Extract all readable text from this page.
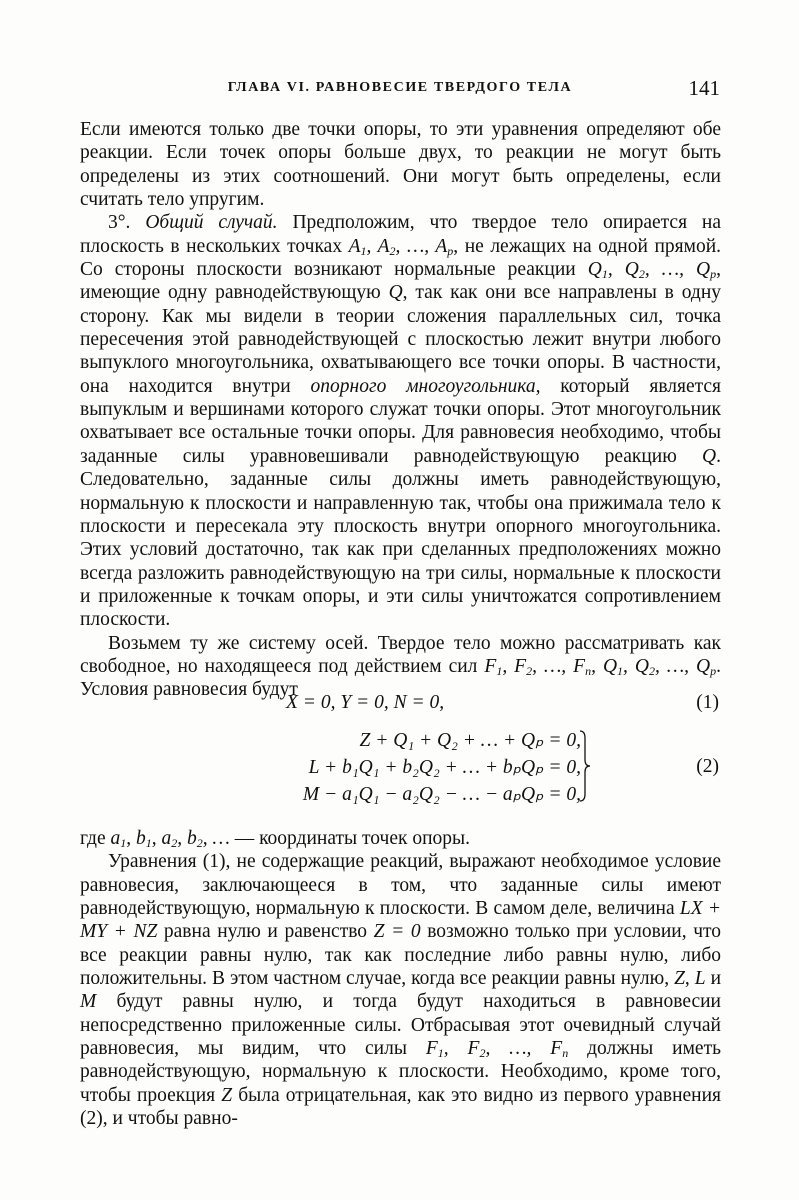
ГЛАВА VI. РАВНОВЕСИЕ ТВЕРДОГО ТЕЛА	141

Если имеются только две точки опоры, то эти уравнения определяют обе реакции. Если точек опоры больше двух, то реакции не могут быть определены из этих соотношений. Они могут быть определены, если считать тело упругим.

3°. Общий случай. Предположим, что твердое тело опирается на плоскость в нескольких точках $A_1$, $A_2$, …, $A_p$, не лежащих на одной прямой. Со стороны плоскости возникают нормальные реакции $Q_1$, $Q_2$, …, $Q_p$, имеющие одну равнодействующую Q, так как они все направлены в одну сторону. Как мы видели в теории сложения параллельных сил, точка пересечения этой равнодействующей с плоскостью лежит внутри любого выпуклого многоугольника, охватывающего все точки опоры. В частности, она находится внутри опорного многоугольника, который является выпуклым и вершинами которого служат точки опоры. Этот многоугольник охватывает все остальные точки опоры. Для равновесия необходимо, чтобы заданные силы уравновешивали равнодействующую реакцию Q. Следовательно, заданные силы должны иметь равнодействующую, нормальную к плоскости и направленную так, чтобы она прижимала тело к плоскости и пересекала эту плоскость внутри опорного многоугольника. Этих условий достаточно, так как при сделанных предположениях можно всегда разложить равнодействующую на три силы, нормальные к плоскости и приложенные к точкам опоры, и эти силы уничтожатся сопротивлением плоскости.

Возьмем ту же систему осей. Твердое тело можно рассматривать как свободное, но находящееся под действием сил $F_1$, $F_2$, …, $F_n$, $Q_1$, $Q_2$, …, $Q_p$. Условия равновесия будут

X = 0, Y = 0, N = 0,	(1)
Z + Q₁ + Q₂ + … + Qₚ = 0,
L + b₁Q₁ + b₂Q₂ + … + bₚQₚ = 0,
M − a₁Q₁ − a₂Q₂ − … − aₚQₚ = 0,
(2)

где $a_1$, $b_1$, $a_2$, $b_2$, … — координаты точек опоры.

Уравнения (1), не содержащие реакций, выражают необходимое условие равновесия, заключающееся в том, что заданные силы имеют равнодействующую, нормальную к плоскости. В самом деле, величина LX + MY + NZ равна нулю и равенство Z = 0 возможно только при условии, что все реакции равны нулю, так как последние либо равны нулю, либо положительны. В этом частном случае, когда все реакции равны нулю, Z, L и M будут равны нулю, и тогда будут находиться в равновесии непосредственно приложенные силы. Отбрасывая этот очевидный случай равновесия, мы видим, что силы $F_1$, $F_2$, …, $F_n$ должны иметь равнодействующую, нормальную к плоскости. Необходимо, кроме того, чтобы проекция Z была отрицательная, как это видно из первого уравнения (2), и чтобы равно-
